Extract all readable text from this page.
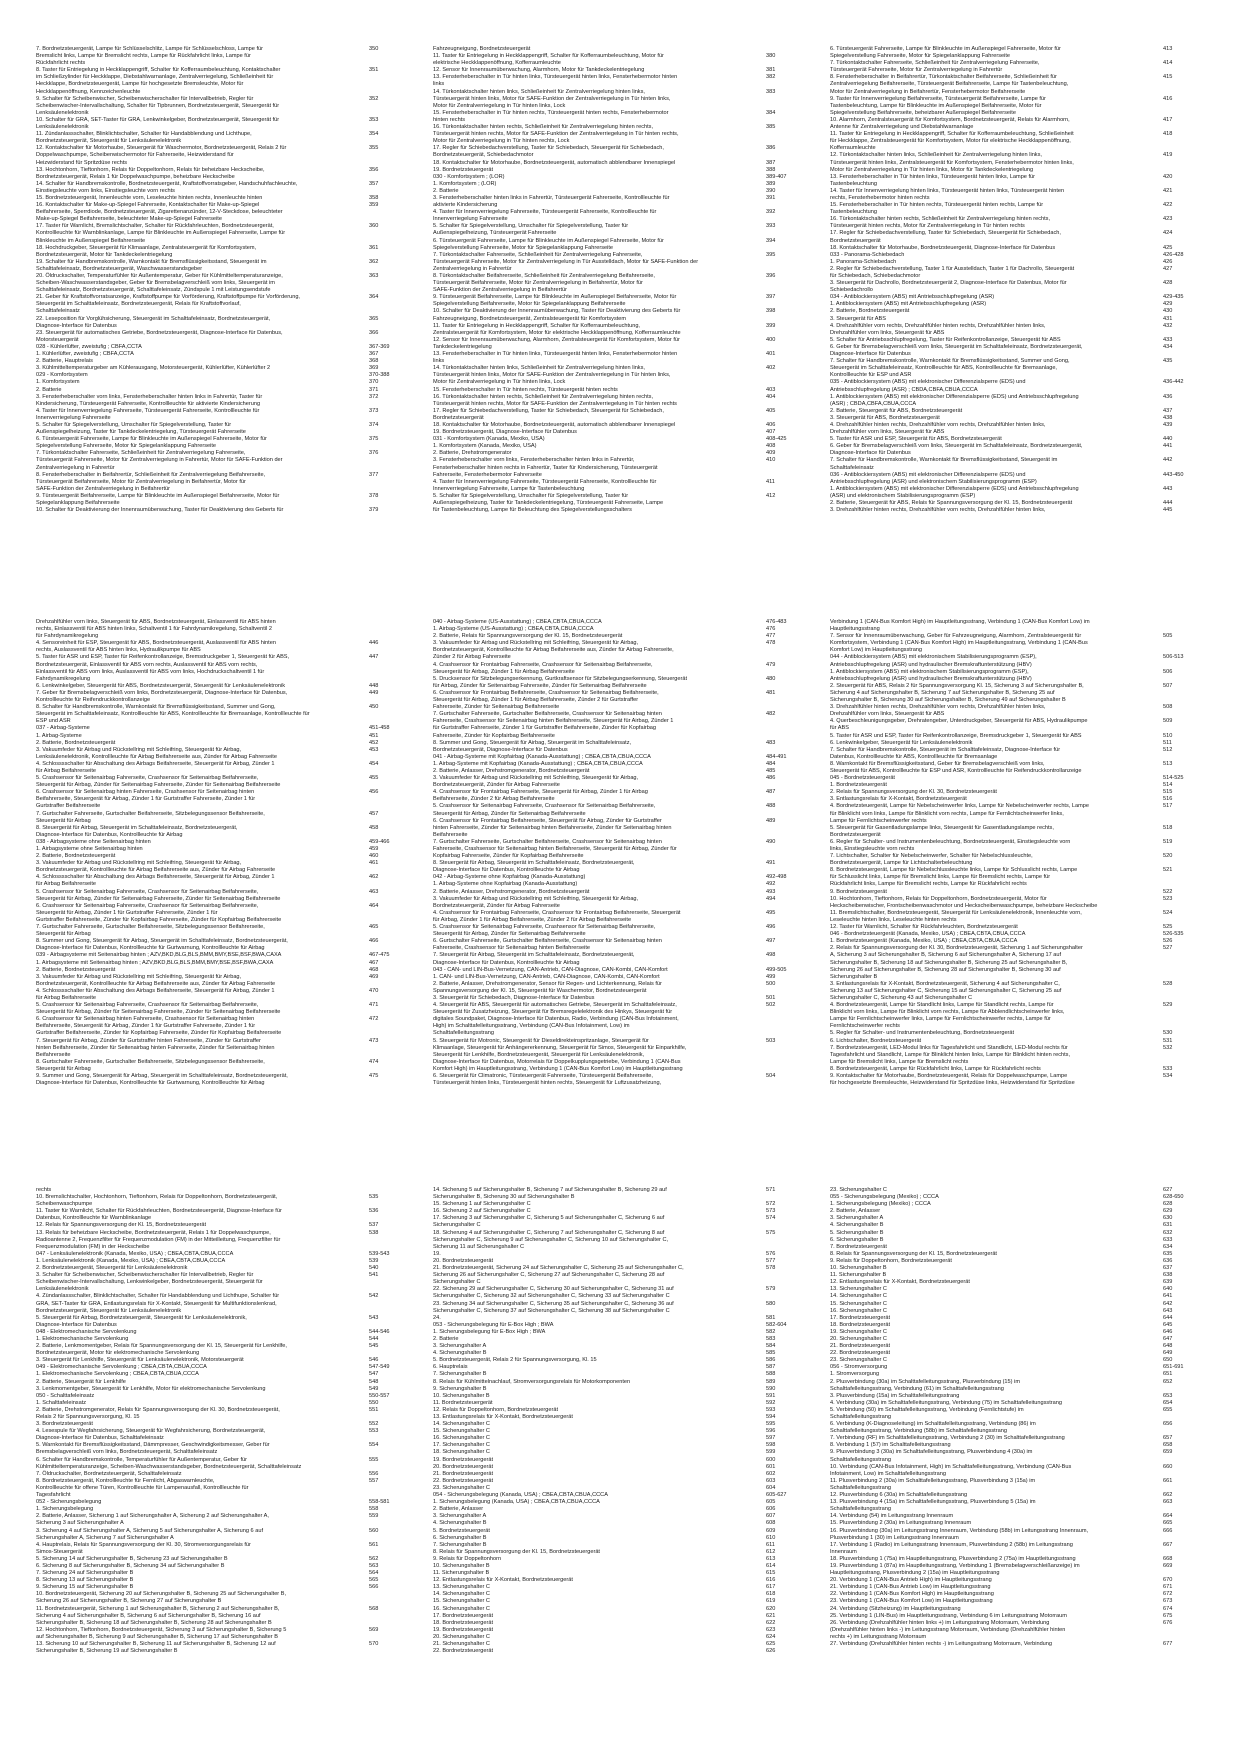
7. Bordnetzsteuergerät, Lampe für Schlüsselschlitz, Lampe für Schlüsselschloss, Lampe für	350
Bremslicht links, Lampe für Bremslicht rechts, Lampe für Rückfahrlicht links, Lampe für
Rückfahrlicht rechts
8. Taster für Entriegelung in Heckklappengriff, Schalter für Kofferraumbeleuchtung, Kontaktschalter	351
im Schließzylinder für Heckklappe, Diebstahlwarnanlage, Zentralverriegelung, Schließeinheit für
Heckklappe, Bordnetzsteuergerät, Lampe für hochgesetzte Bremsleuchte, Motor für
Heckklappenöffnung, Kennzeichenleuchte
9. Schalter für Scheibenwischer, Scheibenwischerschalter für Intervallbetrieb, Regler für	352
Scheibenwischer-Intervallschaltung, Schalter für Tipbrunnen, Bordnetzsteuergerät, Steuergerät für
Lenksäulenelektronik
10. Schalter für GRA, SET-Taster für GRA, Lenkwinkelgeber, Bordnetzsteuergerät, Steuergerät für	353
Lenksäulenelektronik
11. Zündanlassschalter, Blinklichtschalter, Schalter für Handabblendung und Lichthupe,	354
Bordnetzsteuergerät, Steuergerät für Lenksäulenelektronik
12. Kontaktschalter für Motorhaube, Steuergerät für Waschermotor, Bordnetzsteuergerät, Relais 2 für	355
Doppelwaschpumpe, Scheibenwischermotor für Fahrerseite, Heizwiderstand für
Heizwiderstand für Spritzdüse rechts
13. Hochtonhorn, Tieftonhorn, Relais für Doppeltonhorn, Relais für beheizbare Heckscheibe,	356
Bordnetzsteuergerät, Relais 1 für Doppelwaschpumpe, beheizbare Heckscheibe
14. Schalter für Handbremskontrolle, Bordnetzsteuergerät, Kraftstoffvorratsgeber, Handschuhfachleuchte,	357
Einstiegsleuchte vorn links, Einstiegsleuchte vorn rechts
15. Bordnetzsteuergerät, Innenleuchte vorn, Leseleuchte hinten rechts, Innenleuchte hinten	358
16. Kontaktschalter für Make-up-Spiegel Fahrerseite, Kontaktschalter für Make-up-Spiegel	359
Beifahrerseite, Sperrdiode, Bordnetzsteuergerät, Zigarettenanzünder, 12-V-Steckdose, beleuchteter
Make-up-Spiegel Beifahrerseite, beleuchteter Make-up-Spiegel Fahrerseite
17. Taster für Warnlicht, Bremslichtschalter, Schalter für Rückfahrleuchten, Bordnetzsteuergerät,	360
Kontrollleuchte für Warnblinkanlage, Lampe für Blinkleuchte im Außenspiegel Fahrerseite, Lampe für
Blinkleuchte im Außenspiegel Beifahrerseite
18. Hochdruckgeber, Steuergerät für Klimaanlage, Zentralsteuergerät für Komfortsystem,	361
Bordnetzsteuergerät, Motor für Tankdeckelentriegelung
19. Schalter für Handbremskontrolle, Warnkontakt für Bremsflüssigkeitsstand, Steuergerät im	362
Schalttafeleinsatz, Bordnetzsteuergerät, Waschwasserstandsgeber
20. Öldruckschalter, Temperaturfühler für Außentemperatur, Geber für Kühlmitteltemperaturanzeige,	363
Scheiben-Waschwasserstandsgeber, Geber für Bremsbelagverschleiß vorn links, Steuergerät im
Schalttafeleinsatz, Bordnetzsteuergerät, Schalttafeleinsatz, Zündspule 1 mit Leistungsendstufe
21. Geber für Kraftstoffvorratsanzeige, Kraftstoffpumpe für Vorförderung, Kraftstoffpumpe für Vorförderung,	364
Steuergerät im Schalttafeleinsatz, Bordnetzsteuergerät, Relais für Kraftstoffvorlauf,
Schalttafeleinsatz
22. Leseposition für Vorglühsicherung, Steuergerät im Schalttafeleinsatz, Bordnetzsteuergerät,	365
Diagnose-Interface für Datenbus
23. Steuergerät für automatisches Getriebe, Bordnetzsteuergerät, Diagnose-Interface für Datenbus,	366
Motorsteuergerät
028 - Kühlerlüfter, zweistufig ; CBFA,CCTA	367-369
1. Kühlerlüfter, zweistufig ; CBFA,CCTA	367
2. Batterie, Hauptrelais	368
3. Kühlmitteltemperaturgeber am Kühlerausgang, Motorsteuergerät, Kühlerlüfter, Kühlerlüfter 2	369
029 - Komfortsystem	370-388
1. Komfortsystem	370
2. Batterie	371
3. Fensterheberschalter vorn links, Fensterheberschalter hinten links in Fahrertür, Taster für	372
Kindersicherung, Türsteuergerät Fahrerseite, Kontrollleuchte für aktivierte Kindersicherung
4. Taster für Innenverriegelung Fahrerseite, Türsteuergerät Fahrerseite, Kontrollleuchte für	373
Innenverriegelung Fahrerseite
5. Schalter für Spiegelverstellung, Umschalter für Spiegelverstellung, Taster für	374
Außenspiegelheizung, Taster für Tankdeckelentriegelung, Türsteuergerät Fahrerseite
6. Türsteuergerät Fahrerseite, Lampe für Blinkleuchte im Außenspiegel Fahrerseite, Motor für	375
Spiegelverstellung Fahrerseite, Motor für Spiegelanklappung Fahrerseite
7. Türkontaktschalter Fahrerseite, Schließeinheit für Zentralverriegelung Fahrerseite,	376
Türsteuergerät Fahrerseite, Motor für Zentralverriegelung in Fahrertür, Motor für SAFE-Funktion der
Zentralverriegelung in Fahrertür
8. Fensterheberschalter in Beifahrertür, Schließeinheit für Zentralverriegelung Beifahrerseite,	377
Türsteuergerät Beifahrerseite, Motor für Zentralverriegelung in Beifahrertür, Motor für
SAFE-Funktion der Zentralverriegelung in Beifahrertür
9. Türsteuergerät Beifahrerseite, Lampe für Blinkleuchte im Außenspiegel Beifahrerseite, Motor für	378
Spiegelanklappung Beifahrerseite
10. Schalter für Deaktivierung der Innenraumüberwachung, Taster für Deaktivierung des Geberts für	379
Fahrzeugneigung, Bordnetzsteuergerät
11. Taster für Entriegelung in Heckklappengriff, Schalter für Kofferraumbeleuchtung, Motor für	380
elektrische Heckklappenöffnung, Kofferraumleuchte
12. Sensor für Innenraumüberwachung, Alarmhorn, Motor für Tankdeckelentriegelung	381
13. Fensterheberschalter in Tür hinten links, Türsteuergerät hinten links, Fensterhebermotor hinten	382
links
14. Türkontaktschalter hinten links, Schließeinheit für Zentralverriegelung hinten links,	383
Türsteuergerät hinten links, Motor für SAFE-Funktion der Zentralverriegelung in Tür hinten links,
Motor für Zentralverriegelung in Tür hinten links, Lock
15. Fensterheberschalter in Tür hinten rechts, Türsteuergerät hinten rechts, Fensterhebermotor	384
hinten rechts
16. Türkontaktschalter hinten rechts, Schließeinheit für Zentralverriegelung hinten rechts,	385
Türsteuergerät hinten rechts, Motor für SAFE-Funktion der Zentralverriegelung in Tür hinten rechts,
Motor für Zentralverriegelung in Tür hinten rechts, Lock
17. Regler für Schiebedachverstellung, Taster für Schiebedach, Steuergerät für Schiebedach,	386
Bordnetzsteuergerät, Schiebedachmotor
18. Kontaktschalter für Motorhaube, Bordnetzsteuergerät, automatisch abblendbarer Innenspiegel	387
19. Bordnetzsteuergerät	388
030 - Komfortsystem ; (LOR)	389-407
1. Komfortsystem ; (LOR)	389
2. Batterie	390
3. Fensterheberschalter hinten links in Fahrertür, Türsteuergerät Fahrerseite, Kontrollleuchte für	391
aktivierte Kindersicherung
4. Taster für Innenverriegelung Fahrerseite, Türsteuergerät Fahrerseite, Kontrollleuchte für	392
Innenverriegelung Fahrerseite
5. Schalter für Spiegelverstellung, Umschalter für Spiegelverstellung, Taster für	393
Außenspiegelheizung, Türsteuergerät Fahrerseite
6. Türsteuergerät Fahrerseite, Lampe für Blinkleuchte im Außenspiegel Fahrerseite, Motor für	394
Spiegelverstellung Fahrerseite, Motor für Spiegelanklappung Fahrerseite
7. Türkontaktschalter Fahrerseite, Schließeinheit für Zentralverriegelung Fahrerseite,	395
Türsteuergerät Fahrerseite, Motor für Zentralverriegelung in Tür Ausstelldach, Motor für SAFE-Funktion der
Zentralverriegelung in Fahrertür
8. Türkontaktschalter Beifahrerseite, Schließeinheit für Zentralverriegelung Beifahrerseite,	396
Türsteuergerät Beifahrerseite, Motor für Zentralverriegelung in Beifahrertür, Motor für
SAFE-Funktion der Zentralverriegelung in Beifahrertür
9. Türsteuergerät Beifahrerseite, Lampe für Blinkleuchte im Außenspiegel Beifahrerseite, Motor für	397
Spiegelverstellung Beifahrerseite, Motor für Spiegelanklappung Beifahrerseite
10. Schalter für Deaktivierung der Innenraumüberwachung, Taster für Deaktivierung des Geberts für	398
Fahrzeugneigung, Bordnetzsteuergerät, Zentralsteuergerät für Komfortsystem
11. Taster für Entriegelung in Heckklappengriff, Schalter für Kofferraumbeleuchtung,	399
Zentralsteuergerät für Komfortsystem, Motor für elektrische Heckklappenöffnung, Kofferraumleuchte
12. Sensor für Innenraumüberwachung, Alarmhorn, Zentralsteuergerät für Komfortsystem, Motor für	400
Tankdeckelentriegelung
13. Fensterheberschalter in Tür hinten links, Türsteuergerät hinten links, Fensterhebermotor hinten	401
links
14. Türkontaktschalter hinten links, Schließeinheit für Zentralverriegelung hinten links,	402
Türsteuergerät hinten links, Motor für SAFE-Funktion der Zentralverriegelung in Tür hinten links,
Motor für Zentralverriegelung in Tür hinten links, Lock
15. Fensterheberschalter in Tür hinten rechts, Türsteuergerät hinten rechts	403
16. Türkontaktschalter hinten rechts, Schließeinheit für Zentralverriegelung hinten rechts,	404
Türsteuergerät hinten rechts, Motor für SAFE-Funktion der Zentralverriegelung in Tür hinten rechts
17. Regler für Schiebedachverstellung, Taster für Schiebedach, Steuergerät für Schiebedach,	405
Bordnetzsteuergerät
18. Kontaktschalter für Motorhaube, Bordnetzsteuergerät, automatisch abblendbarer Innenspiegel	406
19. Bordnetzsteuergerät, Diagnose-Interface für Datenbus	407
031 - Komfortsystem (Kanada, Mexiko, USA)	408-425
1. Komfortsystem (Kanada, Mexiko, USA)	408
2. Batterie, Drehstromgenerator	409
3. Fensterheberschalter vorn links, Fensterheberschalter hinten links in Fahrertür,	410
Fensterheberschalter hinten rechts in Fahrertür, Taster für Kindersicherung, Türsteuergerät
Fahrerseite, Fensterhebermotor Fahrerseite
4. Taster für Innenverriegelung Fahrerseite, Türsteuergerät Fahrerseite, Kontrollleuchte für	411
Innenverriegelung Fahrerseite, Lampe für Tastenbeleuchtung
5. Schalter für Spiegelverstellung, Umschalter für Spiegelverstellung, Taster für	412
Außenspiegelheizung, Taster für Tankdeckelentriegelung, Türsteuergerät Fahrerseite, Lampe
für Tastenbeleuchtung, Lampe für Beleuchtung des Spiegelverstellungsschalters
6. Türsteuergerät Fahrerseite, Lampe für Blinkleuchte im Außenspiegel Fahrerseite, Motor für	413
Spiegelverstellung Fahrerseite, Motor für Spiegelanklappung Fahrerseite
7. Türkontaktschalter Fahrerseite, Schließeinheit für Zentralverriegelung Fahrerseite,	414
Türsteuergerät Fahrerseite, Motor für Zentralverriegelung in Fahrertür
8. Fensterheberschalter in Beifahrertür, Türkontaktschalter Beifahrerseite, Schließeinheit für	415
Zentralverriegelung Beifahrerseite, Türsteuergerät Beifahrerseite, Lampe für Tastenbeleuchtung,
Motor für Zentralverriegelung in Beifahrertür, Fensterhebermotor Beifahrerseite
9. Taster für Innenverriegelung Beifahrerseite, Türsteuergerät Beifahrerseite, Lampe für	416
Tastenbeleuchtung, Lampe für Blinkleuchte im Außenspiegel Beifahrerseite, Motor für
Spiegelverstellung Beifahrerseite, beheizbarer Außenspiegel Beifahrerseite
10. Alarmhorn, Zentralsteuergerät für Komfortsystem, Bordnetzsteuergerät, Relais für Alarmhorn,	417
Antenne für Zentralverriegelung und Diebstahlwarnanlage
11. Taster für Entriegelung in Heckklappengriff, Schalter für Kofferraumbeleuchtung, Schließeinheit	418
für Heckklappe, Zentralsteuergerät für Komfortsystem, Motor für elektrische Heckklappenöffnung,
Kofferraumleuchte
12. Türkontaktschalter hinten links, Schließeinheit für Zentralverriegelung hinten links,	419
Türsteuergerät hinten links, Zentralsteuergerät für Komfortsystem, Fensterhebermotor hinten links,
Motor für Zentralverriegelung in Tür hinten links, Motor für Tankdeckelentriegelung
13. Fensterheberschalter in Tür hinten links, Türsteuergerät hinten links, Lampe für	420
Tastenbeleuchtung
14. Taster für Innenverriegelung hinten links, Türsteuergerät hinten links, Türsteuergerät hinten	421
rechts, Fensterhebermotor hinten rechts
15. Fensterheberschalter in Tür hinten rechts, Türsteuergerät hinten rechts, Lampe für	422
Tastenbeleuchtung
16. Türkontaktschalter hinten rechts, Schließeinheit für Zentralverriegelung hinten rechts,	423
Türsteuergerät hinten rechts, Motor für Zentralverriegelung in Tür hinten rechts
17. Regler für Schiebedachverstellung, Taster für Schiebedach, Steuergerät für Schiebedach,	424
Bordnetzsteuergerät
18. Kontaktschalter für Motorhaube, Bordnetzsteuergerät, Diagnose-Interface für Datenbus	425
033 - Panorama-Schiebedach	426-428
1. Panorama-Schiebedach	426
2. Regler für Schiebedachverstellung, Taster 1 für Ausstelldach, Taster 1 für Dachrollo, Steuergerät	427
für Schiebedach, Schiebedachmotor
3. Steuergerät für Dachrollo, Bordnetzsteuergerät 2, Diagnose-Interface für Datenbus, Motor für	428
Schiebedachrollo
034 - Antiblockiersystem (ABS) mit Antriebsschlupfregelung (ASR)	429-435
1. Antiblockiersystem (ABS) mit Antriebsschlupfregelung (ASR)	429
2. Batterie, Bordnetzsteuergerät	430
3. Steuergerät für ABS	431
4. Drehzahlfühler vorn rechts, Drehzahlfühler hinten rechts, Drehzahlfühler hinten links,	432
Drehzahlfühler vorn links, Steuergerät für ABS
5. Schalter für Antriebsschlupfregelung, Taster für Reifenkontrollanzeige, Steuergerät für ABS	433
6. Geber für Bremsbelagverschleiß vorn links, Steuergerät im Schalttafeleinsatz, Bordnetzsteuergerät,	434
Diagnose-Interface für Datenbus
7. Schalter für Handbremskontrolle, Warnkontakt für Bremsflüssigkeitsstand, Summer und Gong,	435
Steuergerät im Schalttafeleinsatz, Kontrollleuchte für ABS, Kontrollleuchte für Bremsanlage,
Kontrollleuchte für ESP und ASR
035 - Antiblockiersystem (ABS) mit elektronischer Differenzialsperre (EDS) und	436-442
Antriebsschlupfregelung (ASR) ; CBDA,CBFA,CBUA,CCCA
1. Antiblockiersystem (ABS) mit elektronischer Differenzialsperre (EDS) und Antriebsschlupfregelung	436
(ASR) ; CBDA,CBFA,CBUA,CCCA
2. Batterie, Steuergerät für ABS, Bordnetzsteuergerät	437
3. Steuergerät für ABS, Bordnetzsteuergerät	438
4. Drehzahlfühler hinten rechts, Drehzahlfühler vorn rechts, Drehzahlfühler hinten links,	439
Drehzahlfühler vorn links, Steuergerät für ABS
5. Taster für ASR und ESP, Steuergerät für ABS, Bordnetzsteuergerät	440
6. Geber für Bremsbelagverschleiß vorn links, Steuergerät im Schalttafeleinsatz, Bordnetzsteuergerät,	441
Diagnose-Interface für Datenbus
7. Schalter für Handbremskontrolle, Warnkontakt für Bremsflüssigkeitsstand, Steuergerät im	442
Schalttafeleinsatz
036 - Antiblockiersystem (ABS) mit elektronischer Differenzialsperre (EDS) und	443-450
Antriebsschlupfregelung (ASR) und elektronischem Stabilisierungsprogramm (ESP)
1. Antiblockiersystem (ABS) mit elektronischer Differenzialsperre (EDS) und Antriebsschlupfregelung	443
(ASR) und elektronischem Stabilisierungsprogramm (ESP)
2. Batterie, Steuergerät für ABS, Relais für Spannungsversorgung der Kl. 15, Bordnetzsteuergerät	444
3. Drehzahlfühler hinten rechts, Drehzahlfühler vorn rechts, Drehzahlfühler hinten links,	445
Drehzahlfühler vorn links, Steuergerät für ABS, Bordnetzsteuergerät, Einlassventil für ABS hinten
rechts, Einlassventil für ABS hinten links, Schaltventil 1 für Fahrdynamikregelung, Schaltventil 2
für Fahrdynamikregelung
4. Sensoreinheit für ESP, Steuergerät für ABS, Bordnetzsteuergerät, Auslassventil für ABS hinten	446
rechts, Auslassventil für ABS hinten links, Hydraulikpumpe für ABS
5. Taster für ASR und ESP, Taster für Reifenkontrollanzeige, Bremsdruckgeber 1, Steuergerät für ABS,	447
Bordnetzsteuergerät, Einlassventil für ABS vorn rechts, Auslassventil für ABS vorn rechts,
Einlassventil für ABS vorn links, Auslassventil für ABS vorn links, Hochdruckschaltventil 1 für
Fahrdynamikregelung
6. Lenkwinkelgeber, Steuergerät für ABS, Bordnetzsteuergerät, Steuergerät für Lenksäulenelektronik	448
7. Geber für Bremsbelagverschleiß vorn links, Bordnetzsteuergerät, Diagnose-Interface für Datenbus,	449
Kontrollleuchte für Reifendruckkontrollanzeige
8. Schalter für Handbremskontrolle, Warnkontakt für Bremsflüssigkeitsstand, Summer und Gong,	450
Steuergerät im Schalttafeleinsatz, Kontrollleuchte für ABS, Kontrollleuchte für Bremsanlage, Kontrollleuchte für
ESP und ASR
037 - Airbag-Systeme	451-458
1. Airbag-Systeme	451
2. Batterie, Bordnetzsteuergerät	452
3. Vakuumfeder für Airbag und Rückstellring mit Schleifring, Steuergerät für Airbag,	453
Lenksäulenelektronik, Kontrollleuchte für Airbag Beifahrerseite aus, Zünder für Airbag Fahrerseite
4. Schlosssschalter für Abschaltung des Airbags Beifahrerseite, Steuergerät für Airbag, Zünder 1	454
für Airbag Beifahrerseite
5. Crashsensor für Seitenairbag Fahrerseite, Crashsensor für Seitenairbag Beifahrerseite,	455
Steuergerät für Airbag, Zünder für Seitenairbag Fahrerseite, Zünder für Seitenairbag Beifahrerseite
6. Crashsensor für Seitenairbag hinten Fahrerseite, Crashsensor für Seitenairbag hinten	456
Beifahrerseite, Steuergerät für Airbag, Zünder 1 für Gurtstraffer Fahrerseite, Zünder 1 für
Gurtstraffer Beifahrerseite
7. Gurtschalter Fahrerseite, Gurtschalter Beifahrerseite, Sitzbelegungssensor Beifahrerseite,	457
Steuergerät für Airbag
8. Steuergerät für Airbag, Steuergerät im Schalttafeleinsatz, Bordnetzsteuergerät,	458
Diagnose-Interface für Datenbus, Kontrollleuchte für Airbag
038 - Airbagsysteme ohne Seitenairbag hinten	459-466
1. Airbagsysteme ohne Seitenairbag hinten	459
2. Batterie, Bordnetzsteuergerät	460
3. Vakuumfeder für Airbag und Rückstellring mit Schleifring, Steuergerät für Airbag,	461
Bordnetzsteuergerät, Kontrollleuchte für Airbag Beifahrerseite aus, Zünder für Airbag Fahrerseite
4. Schlosssschalter für Abschaltung des Airbags Beifahrerseite, Steuergerät für Airbag, Zünder 1	462
für Airbag Beifahrerseite
5. Crashsensor für Seitenairbag Fahrerseite, Crashsensor für Seitenairbag Beifahrerseite,	463
Steuergerät für Airbag, Zünder für Seitenairbag Fahrerseite, Zünder für Seitenairbag Beifahrerseite
6. Crashsensor für Seitenairbag Fahrerseite, Crashsensor für Seitenairbag Beifahrerseite,	464
Steuergerät für Airbag, Zünder 1 für Gurtstraffer Fahrerseite, Zünder 1 für
Gurtstraffer Beifahrerseite, Zünder für Kopfairbag Fahrerseite, Zünder für Kopfairbag Beifahrerseite
7. Gurtschalter Fahrerseite, Gurtschalter Beifahrerseite, Sitzbelegungssensor Beifahrerseite,	465
Steuergerät für Airbag
8. Summer und Gong, Steuergerät für Airbag, Steuergerät im Schalttafeleinsatz, Bordnetzsteuergerät,	466
Diagnose-Interface für Datenbus, Kontrollleuchte für Gurtwarnung, Kontrollleuchte für Airbag
039 - Airbagsysteme mit Seitenairbag hinten ; AZV,BKD,BLG,BLS,BMM,BMY,BSE,BSF,BWA,CAXA	467-475
1. Airbagsysteme mit Seitenairbag hinten ; AZV,BKD,BLG,BLS,BMM,BMY,BSE,BSF,BWA,CAXA	467
2. Batterie, Bordnetzsteuergerät	468
3. Vakuumfeder für Airbag und Rückstellring mit Schleifring, Steuergerät für Airbag,	469
Bordnetzsteuergerät, Kontrollleuchte für Airbag Beifahrerseite aus, Zünder für Airbag Fahrerseite
4. Schlosssschalter für Abschaltung des Airbags Beifahrerseite, Steuergerät für Airbag, Zünder 1	470
für Airbag Beifahrerseite
5. Crashsensor für Seitenairbag Fahrerseite, Crashsensor für Seitenairbag Beifahrerseite,	471
Steuergerät für Airbag, Zünder für Seitenairbag Fahrerseite, Zünder für Seitenairbag Beifahrerseite
6. Crashsensor für Seitenairbag hinten Fahrerseite, Crashsensor für Seitenairbag hinten	472
Beifahrerseite, Steuergerät für Airbag, Zünder 1 für Gurtstraffer Fahrerseite, Zünder 1 für
Gurtstraffer Beifahrerseite, Zünder für Kopfairbag Fahrerseite, Zünder für Kopfairbag Beifahrerseite
7. Steuergerät für Airbag, Zünder für Gurtstraffer hinten Fahrerseite, Zünder für Gurtstraffer	473
hinten Beifahrerseite, Zünder für Seitenairbag hinten Fahrerseite, Zünder für Seitenairbag hinten
Beifahrerseite
8. Gurtschalter Fahrerseite, Gurtschalter Beifahrerseite, Sitzbelegungssensor Beifahrerseite,	474
Steuergerät für Airbag
9. Summer und Gong, Steuergerät für Airbag, Steuergerät im Schalttafeleinsatz, Bordnetzsteuergerät,	475
Diagnose-Interface für Datenbus, Kontrollleuchte für Gurtwarnung, Kontrollleuchte für Airbag
040 - Airbag-Systeme (US-Ausstattung) ; CBEA,CBTA,CBUA,CCCA	476-483
1. Airbag-Systeme (US-Ausstattung) ; CBEA,CBTA,CBUA,CCCA	476
2. Batterie, Relais für Spannungsversorgung der Kl. 15, Bordnetzsteuergerät	477
3. Vakuumfeder für Airbag und Rückstellring mit Schleifring, Steuergerät für Airbag,	478
Bordnetzsteuergerät, Kontrollleuchte für Airbag Beifahrerseite aus, Zünder für Airbag Fahrerseite,
Zünder 2 für Airbag Fahrerseite
4. Crashsensor für Frontairbag Fahrerseite, Crashsensor für Seitenairbag Beifahrerseite,	479
Steuergerät für Airbag, Zünder 1 für Airbag Beifahrerseite
5. Drucksensor für Sitzbelegungserkennung, Gurtkraftsensor für Sitzbelegungserkennung, Steuergerät	480
für Airbag, Zünder für Seitenairbag Fahrerseite, Zünder für Seitenairbag Beifahrerseite
6. Crashsensor für Frontairbag Beifahrerseite, Crashsensor für Seitenairbag Beifahrerseite,	481
Steuergerät für Airbag, Zünder 1 für Airbag Beifahrerseite, Zünder 2 für Gurtstraffer
Fahrerseite, Zünder für Seitenairbag Beifahrerseite
7. Gurtschalter Fahrerseite, Gurtschalter Beifahrerseite, Crashsensor für Seitenairbag hinten	482
Fahrerseite, Crashsensor für Seitenairbag hinten Beifahrerseite, Steuergerät für Airbag, Zünder 1
für Gurtstraffer Fahrerseite, Zünder 1 für Gurtstraffer Beifahrerseite, Zünder für Kopfairbag
Fahrerseite, Zünder für Kopfairbag Beifahrerseite
8. Summer und Gong, Steuergerät für Airbag, Steuergerät im Schalttafeleinsatz,	483
Bordnetzsteuergerät, Diagnose-Interface für Datenbus
041 - Airbag-Systeme mit Kopfairbag (Kanada-Ausstattung) ; CBEA,CBTA,CBUA,CCCA	484-491
1. Airbag-Systeme mit Kopfairbag (Kanada-Ausstattung) ; CBEA,CBTA,CBUA,CCCA	484
2. Batterie, Anlasser, Drehstromgenerator, Bordnetzsteuergerät	485
3. Vakuumfeder für Airbag und Rückstellring mit Schleifring, Steuergerät für Airbag,	486
Bordnetzsteuergerät, Zünder für Airbag Fahrerseite
4. Crashsensor für Frontairbag Fahrerseite, Steuergerät für Airbag, Zünder 1 für Airbag	487
Beifahrerseite, Zünder 2 für Airbag Beifahrerseite
5. Crashsensor für Seitenairbag Fahrerseite, Crashsensor für Seitenairbag Beifahrerseite,	488
Steuergerät für Airbag, Zünder für Seitenairbag Beifahrerseite
6. Crashsensor für Frontairbag Beifahrerseite, Steuergerät für Airbag, Zünder für Gurtstraffer	489
hinten Fahrerseite, Zünder für Seitenairbag hinten Beifahrerseite, Zünder für Seitenairbag hinten
Beifahrerseite
7. Gurtschalter Fahrerseite, Gurtschalter Beifahrerseite, Crashsensor für Seitenairbag hinten	490
Fahrerseite, Crashsensor für Seitenairbag hinten Beifahrerseite, Steuergerät für Airbag, Zünder für
Kopfairbag Fahrerseite, Zünder für Kopfairbag Beifahrerseite
8. Steuergerät für Airbag, Steuergerät im Schalttafeleinsatz, Bordnetzsteuergerät,	491
Diagnose-Interface für Datenbus, Kontrollleuchte für Airbag
042 - Airbag-Systeme ohne Kopfairbag (Kanada-Ausstattung)	492-498
1. Airbag-Systeme ohne Kopfairbag (Kanada-Ausstattung)	492
2. Batterie, Anlasser, Drehstromgenerator, Bordnetzsteuergerät	493
3. Vakuumfeder für Airbag und Rückstellring mit Schleifring, Steuergerät für Airbag,	494
Bordnetzsteuergerät, Zünder für Airbag Fahrerseite
4. Crashsensor für Frontairbag Fahrerseite, Crashsensor für Frontairbag Beifahrerseite, Steuergerät	495
für Airbag, Zünder 1 für Airbag Beifahrerseite, Zünder 2 für Airbag Beifahrerseite
5. Crashsensor für Seitenairbag Fahrerseite, Crashsensor für Seitenairbag Beifahrerseite,	496
Steuergerät für Airbag, Zünder für Seitenairbag Beifahrerseite
6. Gurtschalter Fahrerseite, Gurtschalter Beifahrerseite, Crashsensor für Seitenairbag hinten	497
Fahrerseite, Crashsensor für Seitenairbag hinten Beifahrerseite
7. Steuergerät für Airbag, Steuergerät im Schalttafeleinsatz, Bordnetzsteuergerät,	498
Diagnose-Interface für Datenbus, Kontrollleuchte für Airbag
043 - CAN- und LIN-Bus-Vernetzung, CAN-Antrieb, CAN-Diagnose, CAN-Kombi, CAN-Komfort	499-505
1. CAN- und LIN-Bus-Vernetzung, CAN-Antrieb, CAN-Diagnose, CAN-Kombi, CAN-Komfort	499
2. Batterie, Anlasser, Drehstromgenerator, Sensor für Regen- und Lichterkennung, Relais für	500
Spannungsversorgung der Kl. 15, Steuergerät für Waschermotor, Bordnetzsteuergerät
3. Steuergerät für Schiebedach, Diagnose-Interface für Datenbus	501
4. Steuergerät für ABS, Steuergerät für automatisches Getriebe, Steuergerät im Schalttafeleinsatz,	502
Steuergerät für Zusatzheizung, Steuergerät für Bremsregelelektronik des Hinkys, Steuergerät für
digitales Soundpaket, Diagnose-Interface für Datenbus, Radio, Verbindung (CAN-Bus Infotainment,
High) im Schalttafelleitungsstrang, Verbindung (CAN-Bus Infotainment, Low) im
Schalttafelleitungsstrang
5. Steuergerät für Motronic, Steuergerät für Dieseldirekteinspritzanlage, Steuergerät für	503
Klimaanlage, Steuergerät für Anhängererkennung, Steuergerät für Simos, Steuergerät für Einparkhilfe,
Steuergerät für Lenkhilfe, Bordnetzsteuergerät, Steuergerät für Lenksäulenelektronik,
Diagnose-Interface für Datenbus, Motorrelais für Doppelkupplungsgetriebe, Verbindung 1 (CAN-Bus
Komfort High) im Hauptleitungsstrang, Verbindung 1 (CAN-Bus Komfort Low) im Hauptleitungsstrang
6. Steuergerät für Climatronic, Türsteuergerät Fahrerseite, Türsteuergerät Beifahrerseite,	504
Türsteuergerät hinten links, Türsteuergerät hinten rechts, Steuergerät für Luftzusatzheizung,
Verbindung 1 (CAN-Bus Komfort High) im Hauptleitungsstrang, Verbindung 1 (CAN-Bus Komfort Low) im
Hauptleitungsstrang
7. Sensor für Innenraumüberwachung, Geber für Fahrzeugneigung, Alarmhorn, Zentralsteuergerät für	505
Komfortsystem, Verbindung 1 (CAN-Bus Komfort High) im Hauptleitungsstrang, Verbindung 1 (CAN-Bus
Komfort Low) im Hauptleitungsstrang
044 - Antiblockiersystem (ABS) mit elektronischem Stabilisierungsprogramm (ESP),	506-513
Antriebsschlupfregelung (ASR) und hydraulischer Bremskraftunterstützung (HBV)
1. Antiblockiersystem (ABS) mit elektronischem Stabilisierungsprogramm (ESP),	506
Antriebsschlupfregelung (ASR) und hydraulischer Bremskraftunterstützung (HBV)
2. Steuergerät für ABS, Relais 2 für Spannungsversorgung Kl. 15, Sicherung 3 auf Sicherungshalter B,	507
Sicherung 4 auf Sicherungshalter B, Sicherung 7 auf Sicherungshalter B, Sicherung 25 auf
Sicherungshalter B, Sicherung 30 auf Sicherungshalter B, Sicherung 49 auf Sicherungshalter B
3. Drehzahlfühler hinten rechts, Drehzahlfühler vorn rechts, Drehzahlfühler hinten links,	508
Drehzahlfühler vorn links, Steuergerät für ABS
4. Querbeschleunigungsgeber, Drehratengeber, Unterdruckgeber, Steuergerät für ABS, Hydraulikpumpe	509
für ABS
5. Taster für ASR und ESP, Taster für Reifenkontrollanzeige, Bremsdruckgeber 1, Steuergerät für ABS	510
6. Lenkwinkelgeber, Steuergerät für Lenksäulenelektronik	511
7. Schalter für Handbremskontrolle, Steuergerät im Schalttafeleinsatz, Diagnose-Interface für	512
Datenbus, Kontrollleuchte für ABS, Kontrollleuchte für Bremsanlage
8. Warnkontakt für Bremsflüssigkeitsstand, Geber für Bremsbelagverschleiß vorn links,	513
Steuergerät für ABS, Kontrollleuchte für ESP und ASR, Kontrollleuchte für Reifendruckkontrollanzeige
045 - Bordnetzsteuergerät	514-525
1. Bordnetzsteuergerät	514
2. Relais für Spannungsversorgung der Kl. 30, Bordnetzsteuergerät	515
3. Entlastungsrelais für X-Kontakt, Bordnetzsteuergerät	516
4. Bordnetzsteuergerät, Lampe für Nebelscheinwerfer links, Lampe für Nebelscheinwerfer rechts, Lampe	517
für Blinklicht vorn links, Lampe für Blinklicht vorn rechts, Lampe für Fernlichtscheinwerfer links,
Lampe für Fernlichtscheinwerfer rechts
5. Steuergerät für Gasentladungslampe links, Steuergerät für Gasentladungslampe rechts,	518
Bordnetzsteuergerät
6. Regler für Schalter- und Instrumentenbeleuchtung, Bordnetzsteuergerät, Einstiegsleuchte vorn	519
links, Einstiegsleuchte vorn rechts
7. Lichtschalter, Schalter für Nebelscheinwerfer, Schalter für Nebelschlussleuchte,	520
Bordnetzsteuergerät, Lampe für Lichtschalterbeleuchtung
8. Bordnetzsteuergerät, Lampe für Nebelschlussleuchte links, Lampe für Schlusslicht rechts, Lampe	521
für Schlusslicht links, Lampe für Bremslicht links, Lampe für Bremslicht rechts, Lampe für
Rückfahrlicht links, Lampe für Bremslicht rechts, Lampe für Rückfahrlicht rechts
9. Bordnetzsteuergerät	522
10. Hochtonhorn, Tieftonhorn, Relais für Doppeltonhorn, Bordnetzsteuergerät, Motor für	523
Heckscheibenwischer, Frontscheibenwaschmotor und Heckscheibenwaschpumpe, beheizbare Heckscheibe
11. Bremslichtschalter, Bordnetzsteuergerät, Steuergerät für Lenksäulenelektronik, Innenleuchte vorn,	524
Leseleuchte hinten links, Leseleuchte hinten rechts
12. Taster für Warnlicht, Schalter für Rückfahrleuchten, Bordnetzsteuergerät	525
046 - Bordnetzsteuergerät (Kanada, Mexiko, USA) ; CBEA,CBTA,CBUA,CCCA	526-535
1. Bordnetzsteuergerät (Kanada, Mexiko, USA) ; CBEA,CBTA,CBUA,CCCA	526
2. Relais für Spannungsversorgung der Kl. 30, Bordnetzsteuergerät, Sicherung 1 auf Sicherungshalter	527
A, Sicherung 3 auf Sicherungshalter B, Sicherung 6 auf Sicherungshalter A, Sicherung 17 auf
Sicherungshalter B, Sicherung 18 auf Sicherungshalter B, Sicherung 25 auf Sicherungshalter B,
Sicherung 26 auf Sicherungshalter B, Sicherung 28 auf Sicherungshalter B, Sicherung 30 auf
Sicherungshalter B
3. Entlastungsrelais für X-Kontakt, Bordnetzsteuergerät, Sicherung 4 auf Sicherungshalter C,	528
Sicherung 13 auf Sicherungshalter C, Sicherung 15 auf Sicherungshalter C, Sicherung 25 auf
Sicherungshalter C, Sicherung 43 auf Sicherungshalter C
4. Bordnetzsteuergerät, Lampe für Standlicht links, Lampe für Standlicht rechts, Lampe für	529
Blinklicht vorn links, Lampe für Blinklicht vorn rechts, Lampe für Abblendlichtscheinwerfer links,
Lampe für Fernlichtscheinwerfer links, Lampe für Fernlichtscheinwerfer rechts, Lampe für
Fernlichtscheinwerfer rechts
5. Regler für Schalter- und Instrumentenbeleuchtung, Bordnetzsteuergerät	530
6. Lichtschalter, Bordnetzsteuergerät	531
7. Bordnetzsteuergerät, LED-Modul links für Tagesfahrlicht und Standlicht, LED-Modul rechts für	532
Tagesfahrlicht und Standlicht, Lampe für Blinklicht hinten links, Lampe für Blinklicht hinten rechts,
Lampe für Bremslicht links, Lampe für Bremslicht rechts
8. Bordnetzsteuergerät, Lampe für Rückfahrlicht links, Lampe für Rückfahrlicht rechts	533
9. Kontaktschalter für Motorhaube, Bordnetzsteuergerät, Relais für Doppelwaschpumpe, Lampe	534
für hochgesetzte Bremsleuchte, Heizwiderstand für Spritzdüse links, Heizwiderstand für Spritzdüse
rechts
10. Bremslichtschalter, Hochtonhorn, Tieftonhorn, Relais für Doppeltonhorn, Bordnetzsteuergerät,	535
Scheibenwaschpumpe
11. Taster für Warnlicht, Schalter für Rückfahrleuchten, Bordnetzsteuergerät, Diagnose-Interface für	536
Datenbus, Kontrollleuchte für Warnblinkanlage
12. Relais für Spannungsversorgung der Kl. 15, Bordnetzsteuergerät	537
13. Relais für beheizbare Heckscheibe, Bordnetzsteuergerät, Relais 1 für Doppelwaschpumpe,	538
Radioantenne 2, Frequenzfilter für Frequenzmodulation (FM) in der Mitteilleitung, Frequenzfilter für
Frequenzmodulation (FM) in der Heckscheibe
047 - Lenksäulenelektronik (Kanada, Mexiko, USA) ; CBEA,CBTA,CBUA,CCCA	539-543
1. Lenksäulenelektronik (Kanada, Mexiko, USA) ; CBEA,CBTA,CBUA,CCCA	539
2. Bordnetzsteuergerät, Steuergerät für Lenksäulenelektronik	540
3. Schalter für Scheibenwischer, Scheibenwischerschalter für Intervallbetrieb, Regler für	541
Scheibenwischer-Intervallschaltung, Lenkwinkelgeber, Bordnetzsteuergerät, Steuergerät für
Lenksäulenelektronik
4. Zündanlassschalter, Blinklichtschalter, Schalter für Handabblendung und Lichthupe, Schalter für	542
GRA, SET-Taster für GRA, Entlastungsrelais für X-Kontakt, Steuergerät für Multifunktionslenkrad,
Bordnetzsteuergerät, Steuergerät für Lenksäulenelektronik
5. Steuergerät für Airbag, Bordnetzsteuergerät, Steuergerät für Lenksäulenelektronik,	543
Diagnose-Interface für Datenbus
048 - Elektromechanische Servolenkung	544-546
1. Elektromechanische Servolenkung	544
2. Batterie, Lenkmomentgeber, Relais für Spannungsversorgung der Kl. 15, Steuergerät für Lenkhilfe,	545
Bordnetzsteuergerät, Motor für elektromechanische Servolenkung
3. Steuergerät für Lenkhilfe, Steuergerät für Lenksäulenelektronik, Motorsteuergerät	546
049 - Elektromechanische Servolenkung ; CBEA,CBTA,CBUA,CCCA	547-549
1. Elektromechanische Servolenkung ; CBEA,CBTA,CBUA,CCCA	547
2. Batterie, Steuergerät für Lenkhilfe	548
3. Lenkmomentgeber, Steuergerät für Lenkhilfe, Motor für elektromechanische Servolenkung	549
050 - Schalttafeleinsatz	550-557
1. Schalttafeleinsatz	550
2. Batterie, Drehstromgenerator, Relais für Spannungsversorgung der Kl. 30, Bordnetzsteuergerät,	551
Relais 2 für Spannungsversorgung, Kl. 15
3. Bordnetzsteuergerät	552
4. Lesespule für Wegfahrsicherung, Steuergerät für Wegfahrsicherung, Bordnetzsteuergerät,	553
Diagnose-Interface für Datenbus, Schalttafeleinsatz
5. Warnkontakt für Bremsflüssigkeitsstand, Dämmpresser, Geschwindigkeitsmesser, Geber für	554
Bremsbelagverschleiß vorn links, Bordnetzsteuergerät, Schalttafeleinsatz
6. Schalter für Handbremskontrolle, Temperaturfühler für Außentemperatur, Geber für	555
Kühlmitteltemperaturanzeige, Scheiben-Waschwasserstandsgeber, Bordnetzsteuergerät, Schalttafeleinsatz
7. Öldruckschalter, Bordnetzsteuergerät, Schalttafeleinsatz	556
8. Bordnetzsteuergerät, Kontrollleuchte für Fernlicht, Abgaswarnleuchte,	557
Kontrollleuchte für offene Türen, Kontrollleuchte für Lampenausfall, Kontrollleuchte für
Tagesfahrlicht
052 - Sicherungsbelegung	558-581
1. Sicherungsbelegung	558
2. Batterie, Anlasser, Sicherung 1 auf Sicherungshalter A, Sicherung 2 auf Sicherungshalter A,	559
Sicherung 3 auf Sicherungshalter A
3. Sicherung 4 auf Sicherungshalter A, Sicherung 5 auf Sicherungshalter A, Sicherung 6 auf	560
Sicherungshalter A, Sicherung 7 auf Sicherungshalter A
4. Hauptrelais, Relais für Spannungsversorgung der Kl. 30, Stromversorgungsrelais für	561
Simos-Steuergerät
5. Sicherung 14 auf Sicherungshalter B, Sicherung 23 auf Sicherungshalter B	562
6. Sicherung 8 auf Sicherungshalter B, Sicherung 34 auf Sicherungshalter B	563
7. Sicherung 24 auf Sicherungshalter B	564
8. Sicherung 13 auf Sicherungshalter B	565
9. Sicherung 15 auf Sicherungshalter B	566
10. Bordnetzsteuergerät, Sicherung 20 auf Sicherungshalter B, Sicherung 25 auf Sicherungshalter B,
Sicherung 26 auf Sicherungshalter B, Sicherung 27 auf Sicherungshalter B
11. Bordnetzsteuergerät, Sicherung 1 auf Sicherungshalter B, Sicherung 2 auf Sicherungshalter B,	568
Sicherung 4 auf Sicherungshalter B, Sicherung 6 auf Sicherungshalter B, Sicherung 16 auf
Sicherungshalter B, Sicherung 18 auf Sicherungshalter B, Sicherung 28 auf Sicherungshalter B
12. Hochtonhorn, Tieftonhorn, Bordnetzsteuergerät, Sicherung 3 auf Sicherungshalter B, Sicherung 5	569
auf Sicherungshalter B, Sicherung 9 auf Sicherungshalter B, Sicherung 17 auf Sicherungshalter B
13. Sicherung 10 auf Sicherungshalter B, Sicherung 11 auf Sicherungshalter B, Sicherung 12 auf	570
Sicherungshalter B, Sicherung 19 auf Sicherungshalter B
14. Sicherung 5 auf Sicherungshalter B, Sicherung 7 auf Sicherungshalter B, Sicherung 29 auf	571
Sicherungshalter B, Sicherung 30 auf Sicherungshalter B
15. Sicherung 1 auf Sicherungshalter C	572
16. Sicherung 2 auf Sicherungshalter C	573
17. Sicherung 3 auf Sicherungshalter C, Sicherung 5 auf Sicherungshalter C, Sicherung 6 auf	574
Sicherungshalter C
18. Sicherung 4 auf Sicherungshalter C, Sicherung 7 auf Sicherungshalter C, Sicherung 8 auf	575
Sicherungshalter C, Sicherung 9 auf Sicherungshalter C, Sicherung 10 auf Sicherungshalter C,
Sicherung 11 auf Sicherungshalter C
19.	576
20. Bordnetzsteuergerät	577
21. Bordnetzsteuergerät, Sicherung 24 auf Sicherungshalter C, Sicherung 25 auf Sicherungshalter C,	578
Sicherung 26 auf Sicherungshalter C, Sicherung 27 auf Sicherungshalter C, Sicherung 28 auf
Sicherungshalter C
22. Sicherung 29 auf Sicherungshalter C, Sicherung 30 auf Sicherungshalter C, Sicherung 31 auf	579
Sicherungshalter C, Sicherung 32 auf Sicherungshalter C, Sicherung 33 auf Sicherungshalter C
23. Sicherung 34 auf Sicherungshalter C, Sicherung 35 auf Sicherungshalter C, Sicherung 36 auf	580
Sicherungshalter C, Sicherung 37 auf Sicherungshalter C, Sicherung 38 auf Sicherungshalter C
24.	581
053 - Sicherungsbelegung für E-Box High ; BWA	582-604
1. Sicherungsbelegung für E-Box High ; BWA	582
2. Batterie	583
3. Sicherungshalter A	584
4. Sicherungshalter B	585
5. Bordnetzsteuergerät, Relais 2 für Spannungsversorgung, Kl. 15	586
6. Hauptrelais	587
7. Sicherungshalter B	588
8. Relais für Kühlmittelnachlauf, Stromversorgungsrelais für Motorkomponenten	589
9. Sicherungshalter B	590
10. Sicherungshalter B	591
11. Bordnetzsteuergerät	592
12. Relais für Doppeltonhorn, Bordnetzsteuergerät	593
13. Entlastungsrelais für X-Kontakt, Bordnetzsteuergerät	594
14. Sicherungshalter C	595
15. Sicherungshalter C	596
16. Sicherungshalter C	597
17. Sicherungshalter C	598
18. Sicherungshalter C	599
19. Bordnetzsteuergerät	600
20. Bordnetzsteuergerät	601
21. Bordnetzsteuergerät	602
22. Bordnetzsteuergerät	603
23. Sicherungshalter C	604
054 - Sicherungsbelegung (Kanada, USA) ; CBEA,CBTA,CBUA,CCCA	605-627
1. Sicherungsbelegung (Kanada, USA) ; CBEA,CBTA,CBUA,CCCA	605
2. Batterie, Anlasser	606
3. Sicherungshalter A	607
4. Sicherungshalter B	608
5. Bordnetzsteuergerät	609
6. Sicherungshalter B	610
7. Sicherungshalter B	611
8. Relais für Spannungsversorgung der Kl. 15, Bordnetzsteuergerät	612
9. Relais für Doppeltonhorn	613
10. Sicherungshalter B	614
11. Sicherungshalter B	615
12. Entlastungsrelais für X-Kontakt, Bordnetzsteuergerät	616
13. Sicherungshalter C	617
14. Sicherungshalter C	618
15. Sicherungshalter C	619
16. Sicherungshalter C	620
17. Bordnetzsteuergerät	621
18. Bordnetzsteuergerät	622
19. Bordnetzsteuergerät	623
20. Sicherungshalter C	624
21. Sicherungshalter C	625
22. Bordnetzsteuergerät	626
23. Sicherungshalter C	627
055 - Sicherungsbelegung (Mexiko) ; CCCA	628-650
1. Sicherungsbelegung (Mexiko) ; CCCA	628
2. Batterie, Anlasser	629
3. Sicherungshalter A	630
4. Sicherungshalter B	631
5. Sicherungshalter B	632
6. Sicherungshalter B	633
7. Bordnetzsteuergerät	634
8. Relais für Spannungsversorgung der Kl. 15, Bordnetzsteuergerät	635
9. Relais für Doppeltonhorn, Bordnetzsteuergerät	636
10. Sicherungshalter B	637
11. Sicherungshalter B	638
12. Entlastungsrelais für X-Kontakt, Bordnetzsteuergerät	639
13. Sicherungshalter C	640
14. Sicherungshalter C	641
15. Sicherungshalter C	642
16. Sicherungshalter C	643
17. Bordnetzsteuergerät	644
18. Bordnetzsteuergerät	645
19. Sicherungshalter C	646
20. Sicherungshalter C	647
21. Bordnetzsteuergerät	648
22. Bordnetzsteuergerät	649
23. Sicherungshalter C	650
056 - Stromversorgung	651-691
1. Stromversorgung	651
2. Plusverbindung (30a) im Schalttafelleitungsstrang, Plusverbindung (15) im	652
Schalttafelleitungsstrang, Verbindung (61) im Schalttafelleitungsstrang
3. Plusverbindung (15a) im Schalttafelleitungsstrang	653
4. Verbindung (30a) im Schalttafelleitungsstrang, Verbindung (75) im Schalttafelleitungsstrang	654
5. Verbindung (50) im Schalttafelleitungsstrang, Verbindung (Fernlichtstufe) im	655
Schalttafelleitungsstrang
6. Verbindung (K-Diagnoseleitung) im Schalttafelleitungsstrang, Verbindung (86) im	656
Schalttafelleitungsstrang, Verbindung (58b) im Schalttafelleitungsstrang
7. Verbindung (RF) im Schalttafelleitungsstrang, Verbindung 2 (30) im Schalttafelleitungsstrang	657
8. Verbindung 1 (57) im Schalttafelleitungsstrang	658
9. Plusverbindung 3 (30a) im Schalttafelleitungsstrang, Plusverbindung 4 (30a) im	659
Schalttafelleitungsstrang
10. Verbindung (CAN-Bus Infotainment, High) im Schalttafelleitungsstrang, Verbindung (CAN-Bus	660
Infotainment, Low) im Schalttafelleitungsstrang
11. Plusverbindung 2 (30a) im Schalttafelleitungsstrang, Plusverbindung 3 (15a) im	661
Schalttafelleitungsstrang
12. Plusverbindung 6 (30a) im Schalttafelleitungsstrang	662
13. Plusverbindung 4 (15a) im Schalttafelleitungsstrang, Plusverbindung 5 (15a) im	663
Schalttafelleitungsstrang
14. Verbindung (54) im Leitungsstrang Innenraum	664
15. Plusverbindung 2 (30a) im Leitungsstrang Innenraum	665
16. Plusverbindung (30a) im Leitungsstrang Innenraum, Verbindung (58b) im Leitungsstrang Innenraum,	666
Plusverbindung 1 (30) im Leitungsstrang Innenraum
17. Verbindung 1 (Radio) im Leitungsstrang Innenraum, Plusverbindung 2 (58b) im Leitungsstrang	667
Innenraum
18. Plusverbindung 1 (75a) im Hauptleitungsstrang, Plusverbindung 2 (75a) im Hauptleitungsstrang	668
19. Plusverbindung 1 (87a) im Hauptleitungsstrang, Verbindung 1 (Bremsbelagverschleißanzeige) im	669
Hauptleitungsstrang, Plusverbindung 2 (15a) im Hauptleitungsstrang
20. Verbindung 1 (CAN-Bus Antrieb High) im Hauptleitungsstrang	670
21. Verbindung 1 (CAN-Bus Antrieb Low) im Hauptleitungsstrang	671
22. Verbindung 1 (CAN-Bus Komfort High) im Hauptleitungsstrang	672
23. Verbindung 1 (CAN-Bus Komfort Low) im Hauptleitungsstrang	673
24. Verbindung (Sitzheizung) im Hauptleitungsstrang	674
25. Verbindung 1 (LIN-Bus) im Hauptleitungsstrang, Verbindung 6 im Leitungsstrang Motorraum	675
26. Verbindung (Drehzahlfühler hinten links +) im Leitungsstrang Motorraum, Verbindung	676
(Drehzahlfühler hinten links -) im Leitungsstrang Motorraum, Verbindung (Drehzahlfühler hinten
rechts +) im Leitungsstrang Motorraum
27. Verbindung (Drehzahlfühler hinten rechts -) im Leitungsstrang Motorraum, Verbindung	677
